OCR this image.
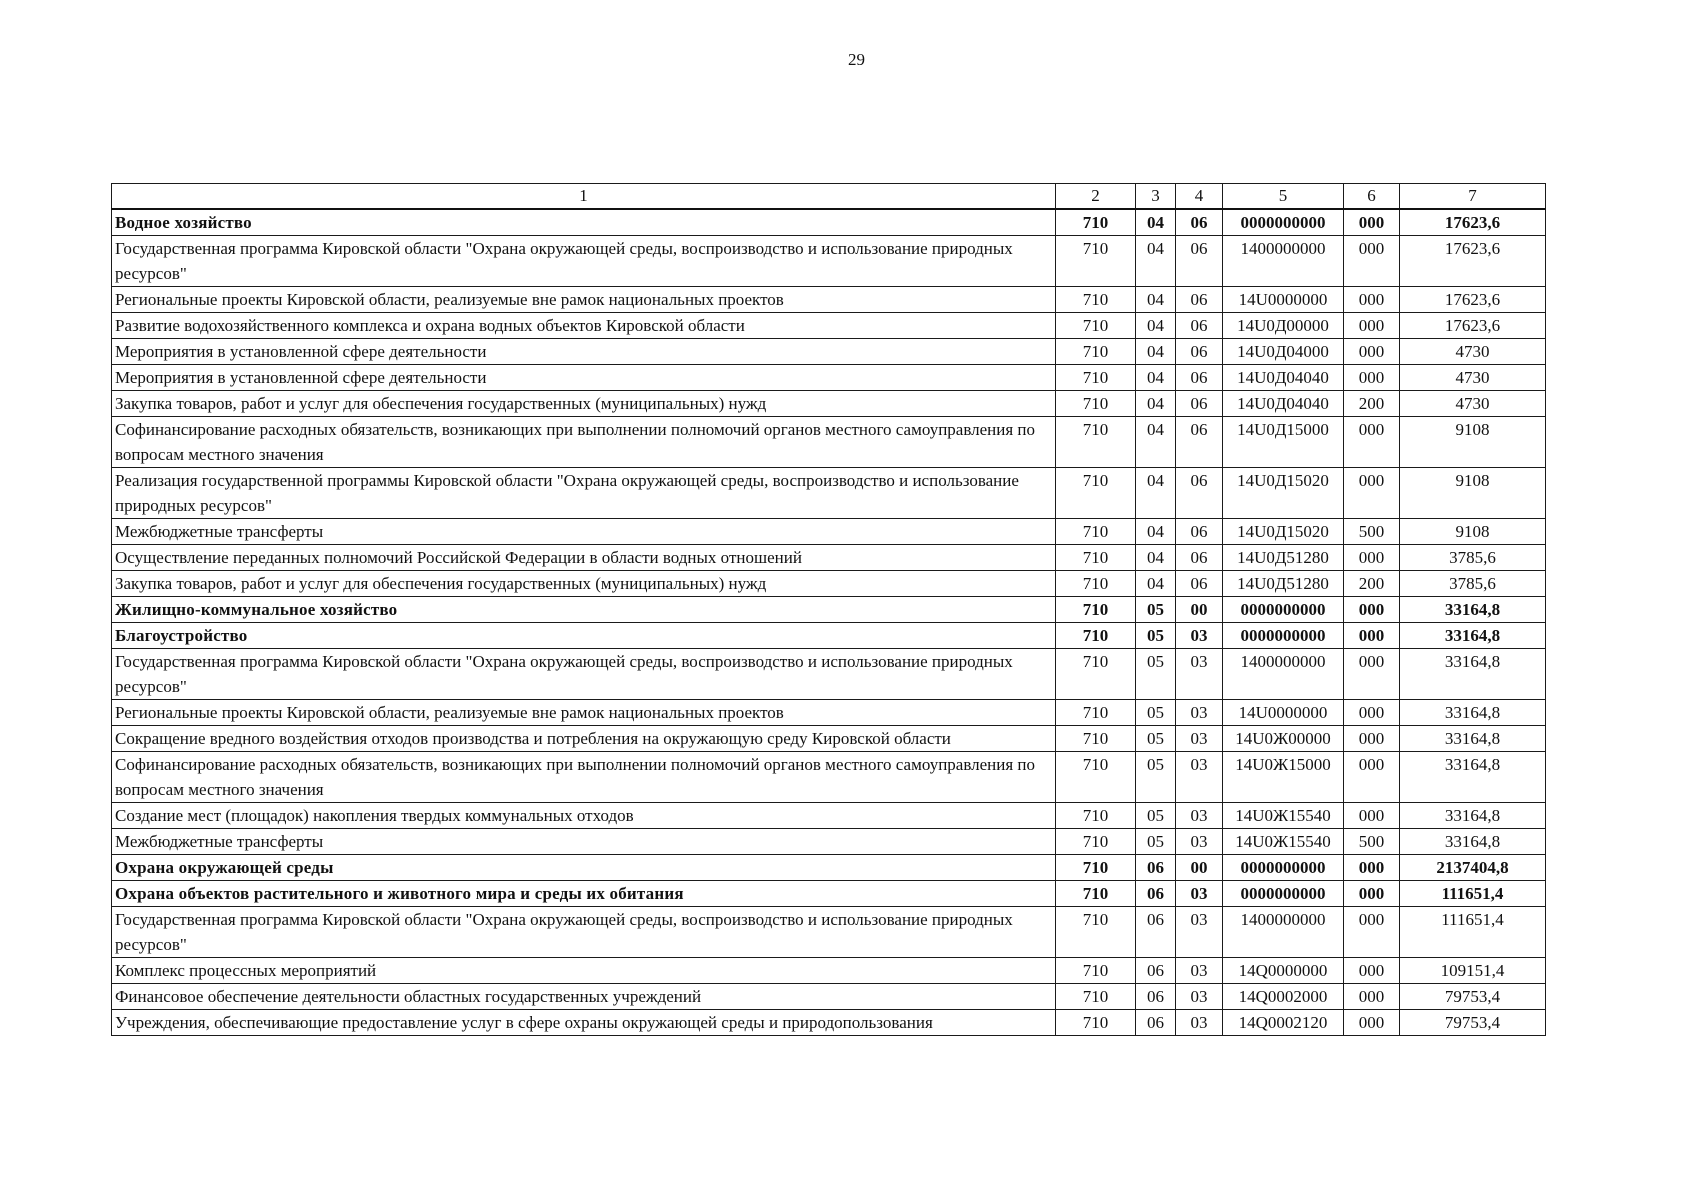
29
1	2	3	4	5	6	7
Водное хозяйство	710	04	06	0000000000	000	17623,6
Государственная программа Кировской области "Охрана окружающей среды, воспроизводство и использование природных ресурсов"	710	04	06	1400000000	000	17623,6
Региональные проекты Кировской области, реализуемые вне рамок национальных проектов	710	04	06	14U0000000	000	17623,6
Развитие водохозяйственного комплекса и охрана водных объектов Кировской области	710	04	06	14U0Д00000	000	17623,6
Мероприятия в установленной сфере деятельности	710	04	06	14U0Д04000	000	4730
Мероприятия в установленной сфере деятельности	710	04	06	14U0Д04040	000	4730
Закупка товаров, работ и услуг для обеспечения государственных (муниципальных) нужд	710	04	06	14U0Д04040	200	4730
Софинансирование расходных обязательств, возникающих при выполнении полномочий органов местного самоуправления по вопросам местного значения	710	04	06	14U0Д15000	000	9108
Реализация государственной программы Кировской области "Охрана окружающей среды, воспроизводство и использование природных ресурсов"	710	04	06	14U0Д15020	000	9108
Межбюджетные трансферты	710	04	06	14U0Д15020	500	9108
Осуществление переданных полномочий Российской Федерации в области водных отношений	710	04	06	14U0Д51280	000	3785,6
Закупка товаров, работ и услуг для обеспечения государственных (муниципальных) нужд	710	04	06	14U0Д51280	200	3785,6
Жилищно-коммунальное хозяйство	710	05	00	0000000000	000	33164,8
Благоустройство	710	05	03	0000000000	000	33164,8
Государственная программа Кировской области "Охрана окружающей среды, воспроизводство и использование природных ресурсов"	710	05	03	1400000000	000	33164,8
Региональные проекты Кировской области, реализуемые вне рамок национальных проектов	710	05	03	14U0000000	000	33164,8
Сокращение вредного воздействия отходов производства и потребления на окружающую среду Кировской области	710	05	03	14U0Ж00000	000	33164,8
Софинансирование расходных обязательств, возникающих при выполнении полномочий органов местного самоуправления по вопросам местного значения	710	05	03	14U0Ж15000	000	33164,8
Создание мест (площадок) накопления твердых коммунальных отходов	710	05	03	14U0Ж15540	000	33164,8
Межбюджетные трансферты	710	05	03	14U0Ж15540	500	33164,8
Охрана окружающей среды	710	06	00	0000000000	000	2137404,8
Охрана объектов растительного и животного мира и среды их обитания	710	06	03	0000000000	000	111651,4
Государственная программа Кировской области "Охрана окружающей среды, воспроизводство и использование природных ресурсов"	710	06	03	1400000000	000	111651,4
Комплекс процессных мероприятий	710	06	03	14Q0000000	000	109151,4
Финансовое обеспечение деятельности областных государственных учреждений	710	06	03	14Q0002000	000	79753,4
Учреждения, обеспечивающие предоставление услуг в сфере охраны окружающей среды и природопользования	710	06	03	14Q0002120	000	79753,4
